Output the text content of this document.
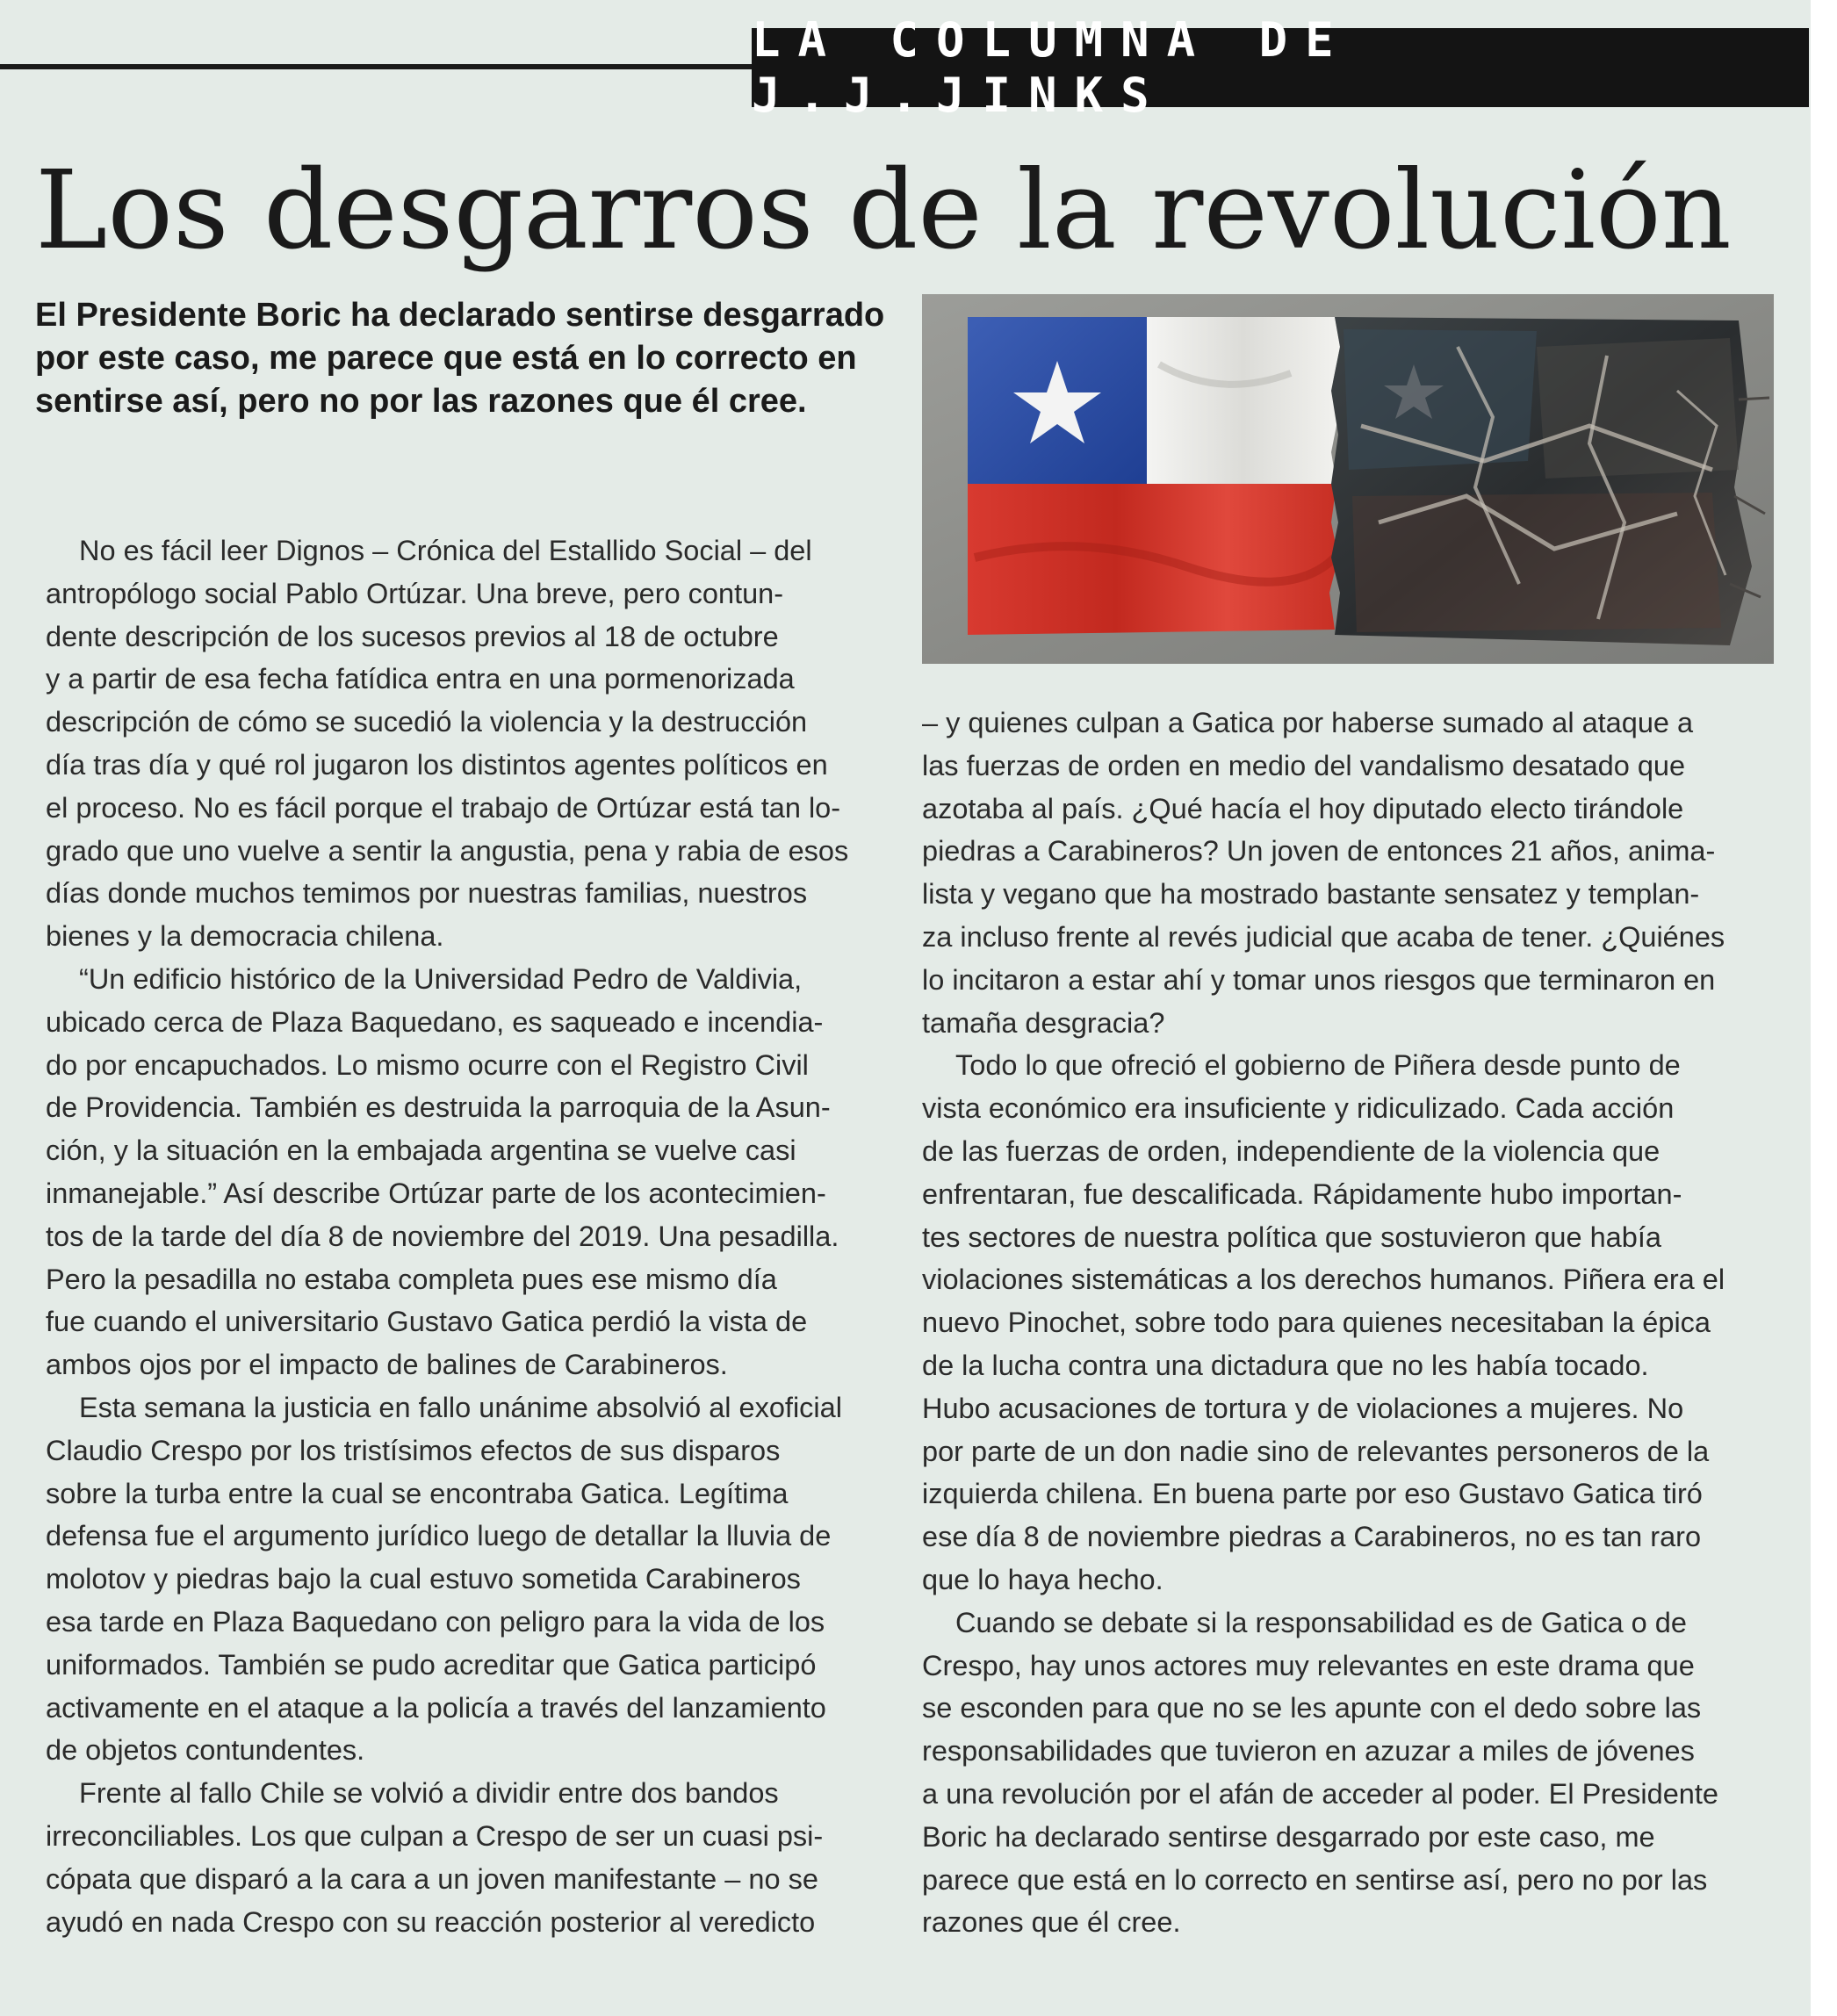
LA COLUMNA DE J.J.JINKS
Los desgarros de la revolución

El Presidente Boric ha declarado sentirse desgarrado por este caso, me parece que está en lo correcto en sentirse así, pero no por las razones que él cree.

No es fácil leer Dignos – Crónica del Estallido Social – del
antropólogo social Pablo Ortúzar. Una breve, pero contun-
dente descripción de los sucesos previos al 18 de octubre
y a partir de esa fecha fatídica entra en una pormenorizada
descripción de cómo se sucedió la violencia y la destrucción
día tras día y qué rol jugaron los distintos agentes políticos en
el proceso. No es fácil porque el trabajo de Ortúzar está tan lo-
grado que uno vuelve a sentir la angustia, pena y rabia de esos
días donde muchos temimos por nuestras familias, nuestros
bienes y la democracia chilena.
“Un edificio histórico de la Universidad Pedro de Valdivia,
ubicado cerca de Plaza Baquedano, es saqueado e incendia-
do por encapuchados. Lo mismo ocurre con el Registro Civil
de Providencia. También es destruida la parroquia de la Asun-
ción, y la situación en la embajada argentina se vuelve casi
inmanejable.” Así describe Ortúzar parte de los acontecimien-
tos de la tarde del día 8 de noviembre del 2019. Una pesadilla.
Pero la pesadilla no estaba completa pues ese mismo día
fue cuando el universitario Gustavo Gatica perdió la vista de
ambos ojos por el impacto de balines de Carabineros.
Esta semana la justicia en fallo unánime absolvió al exoficial
Claudio Crespo por los tristísimos efectos de sus disparos
sobre la turba entre la cual se encontraba Gatica. Legítima
defensa fue el argumento jurídico luego de detallar la lluvia de
molotov y piedras bajo la cual estuvo sometida Carabineros
esa tarde en Plaza Baquedano con peligro para la vida de los
uniformados. También se pudo acreditar que Gatica participó
activamente en el ataque a la policía a través del lanzamiento
de objetos contundentes.
Frente al fallo Chile se volvió a dividir entre dos bandos
irreconciliables. Los que culpan a Crespo de ser un cuasi psi-
cópata que disparó a la cara a un joven manifestante – no se
ayudó en nada Crespo con su reacción posterior al veredicto
– y quienes culpan a Gatica por haberse sumado al ataque a
las fuerzas de orden en medio del vandalismo desatado que
azotaba al país. ¿Qué hacía el hoy diputado electo tirándole
piedras a Carabineros? Un joven de entonces 21 años, anima-
lista y vegano que ha mostrado bastante sensatez y templan-
za incluso frente al revés judicial que acaba de tener. ¿Quiénes
lo incitaron a estar ahí y tomar unos riesgos que terminaron en
tamaña desgracia?
Todo lo que ofreció el gobierno de Piñera desde punto de
vista económico era insuficiente y ridiculizado. Cada acción
de las fuerzas de orden, independiente de la violencia que
enfrentaran, fue descalificada. Rápidamente hubo importan-
tes sectores de nuestra política que sostuvieron que había
violaciones sistemáticas a los derechos humanos. Piñera era el
nuevo Pinochet, sobre todo para quienes necesitaban la épica
de la lucha contra una dictadura que no les había tocado.
Hubo acusaciones de tortura y de violaciones a mujeres. No
por parte de un don nadie sino de relevantes personeros de la
izquierda chilena. En buena parte por eso Gustavo Gatica tiró
ese día 8 de noviembre piedras a Carabineros, no es tan raro
que lo haya hecho.
Cuando se debate si la responsabilidad es de Gatica o de
Crespo, hay unos actores muy relevantes en este drama que
se esconden para que no se les apunte con el dedo sobre las
responsabilidades que tuvieron en azuzar a miles de jóvenes
a una revolución por el afán de acceder al poder. El Presidente
Boric ha declarado sentirse desgarrado por este caso, me
parece que está en lo correcto en sentirse así, pero no por las
razones que él cree.
